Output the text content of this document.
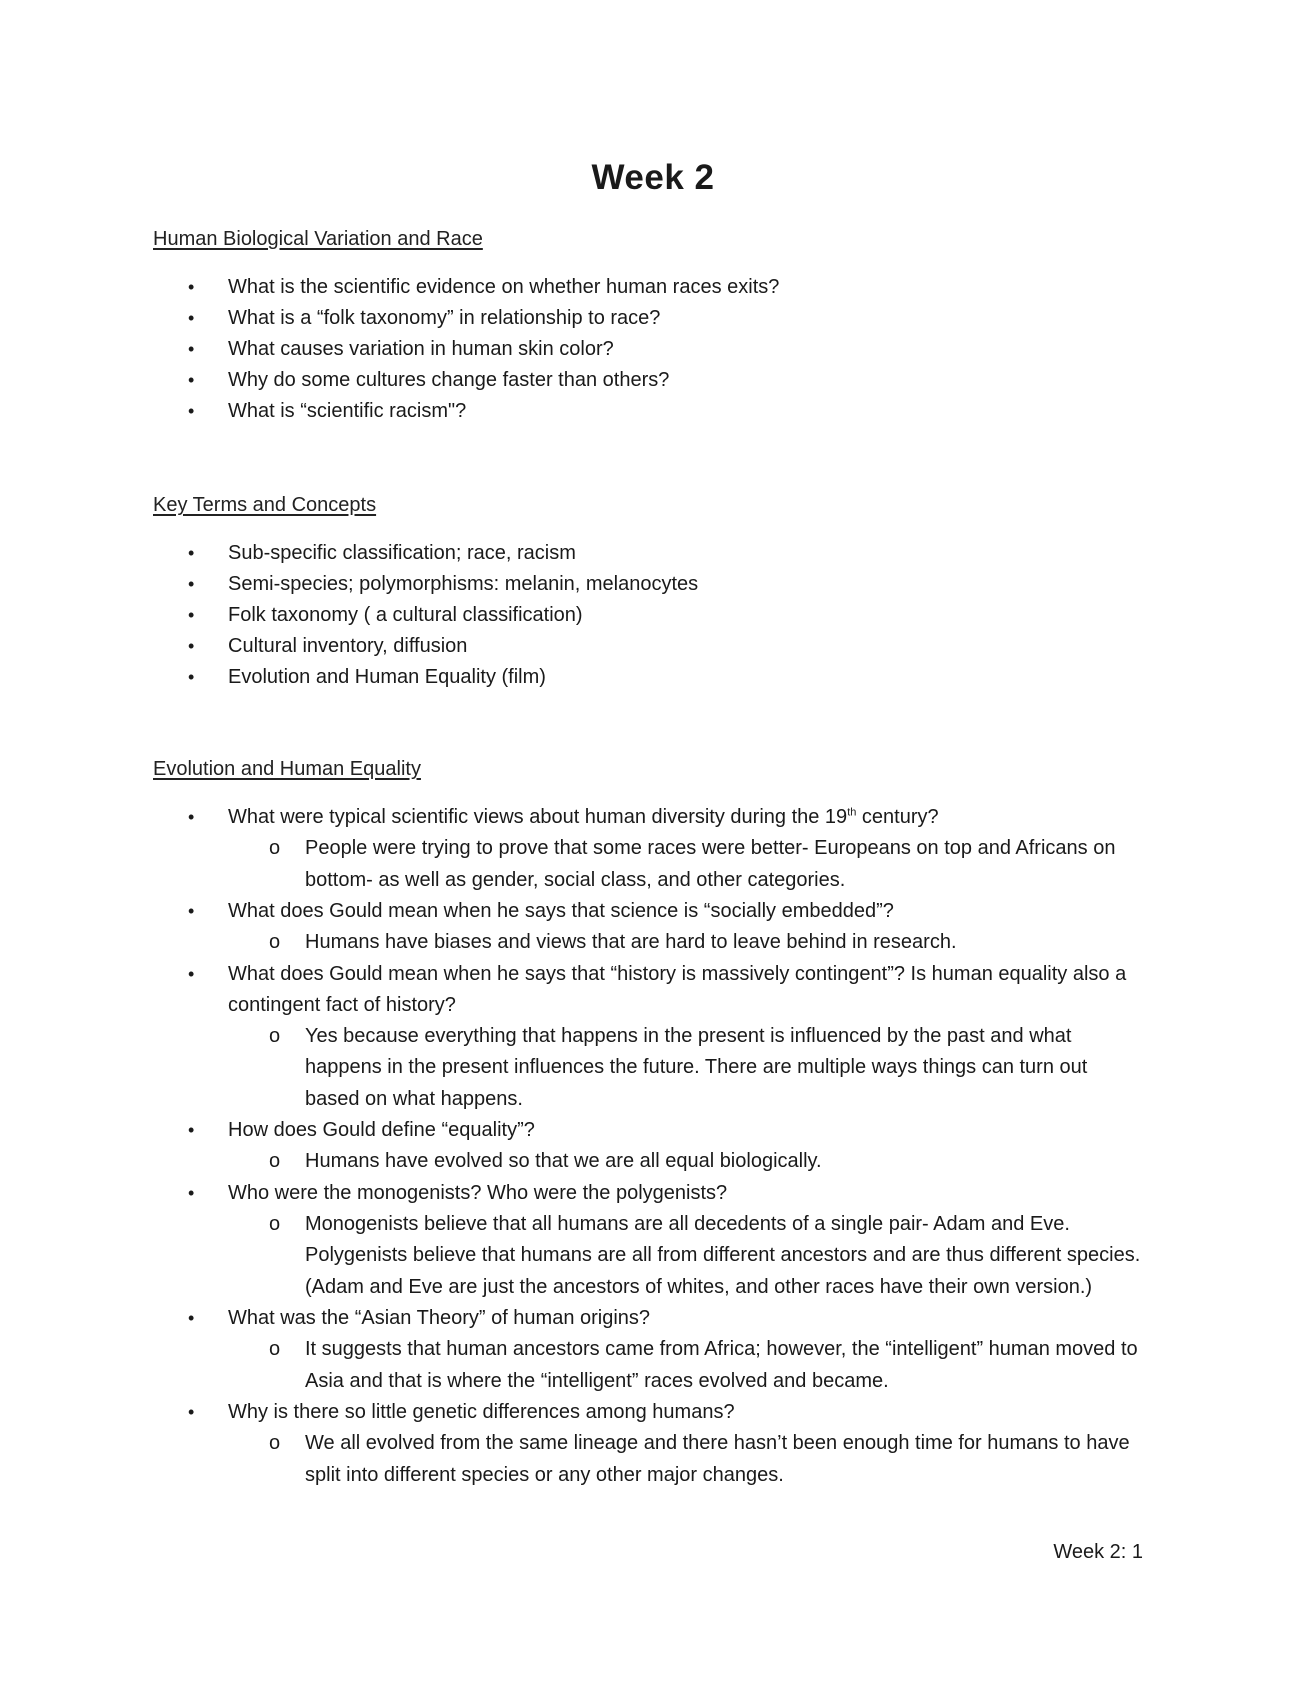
Week 2
Human Biological Variation and Race
• What is the scientific evidence on whether human races exits?
• What is a “folk taxonomy” in relationship to race?
• What causes variation in human skin color?
• Why do some cultures change faster than others?
• What is “scientific racism"?
Key Terms and Concepts
• Sub-specific classification; race, racism
• Semi-species; polymorphisms: melanin, melanocytes
• Folk taxonomy ( a cultural classification)
• Cultural inventory, diffusion
• Evolution and Human Equality (film)
Evolution and Human Equality
• What were typical scientific views about human diversity during the 19th century?
o People were trying to prove that some races were better- Europeans on top and Africans on bottom- as well as gender, social class, and other categories.
• What does Gould mean when he says that science is “socially embedded”?
o Humans have biases and views that are hard to leave behind in research.
• What does Gould mean when he says that “history is massively contingent”? Is human equality also a contingent fact of history?
o Yes because everything that happens in the present is influenced by the past and what happens in the present influences the future. There are multiple ways things can turn out based on what happens.
• How does Gould define “equality”?
o Humans have evolved so that we are all equal biologically.
• Who were the monogenists? Who were the polygenists?
o Monogenists believe that all humans are all decedents of a single pair- Adam and Eve. Polygenists believe that humans are all from different ancestors and are thus different species. (Adam and Eve are just the ancestors of whites, and other races have their own version.)
• What was the “Asian Theory” of human origins?
o It suggests that human ancestors came from Africa; however, the “intelligent” human moved to Asia and that is where the “intelligent” races evolved and became.
• Why is there so little genetic differences among humans?
o We all evolved from the same lineage and there hasn’t been enough time for humans to have split into different species or any other major changes.
Week 2: 1
